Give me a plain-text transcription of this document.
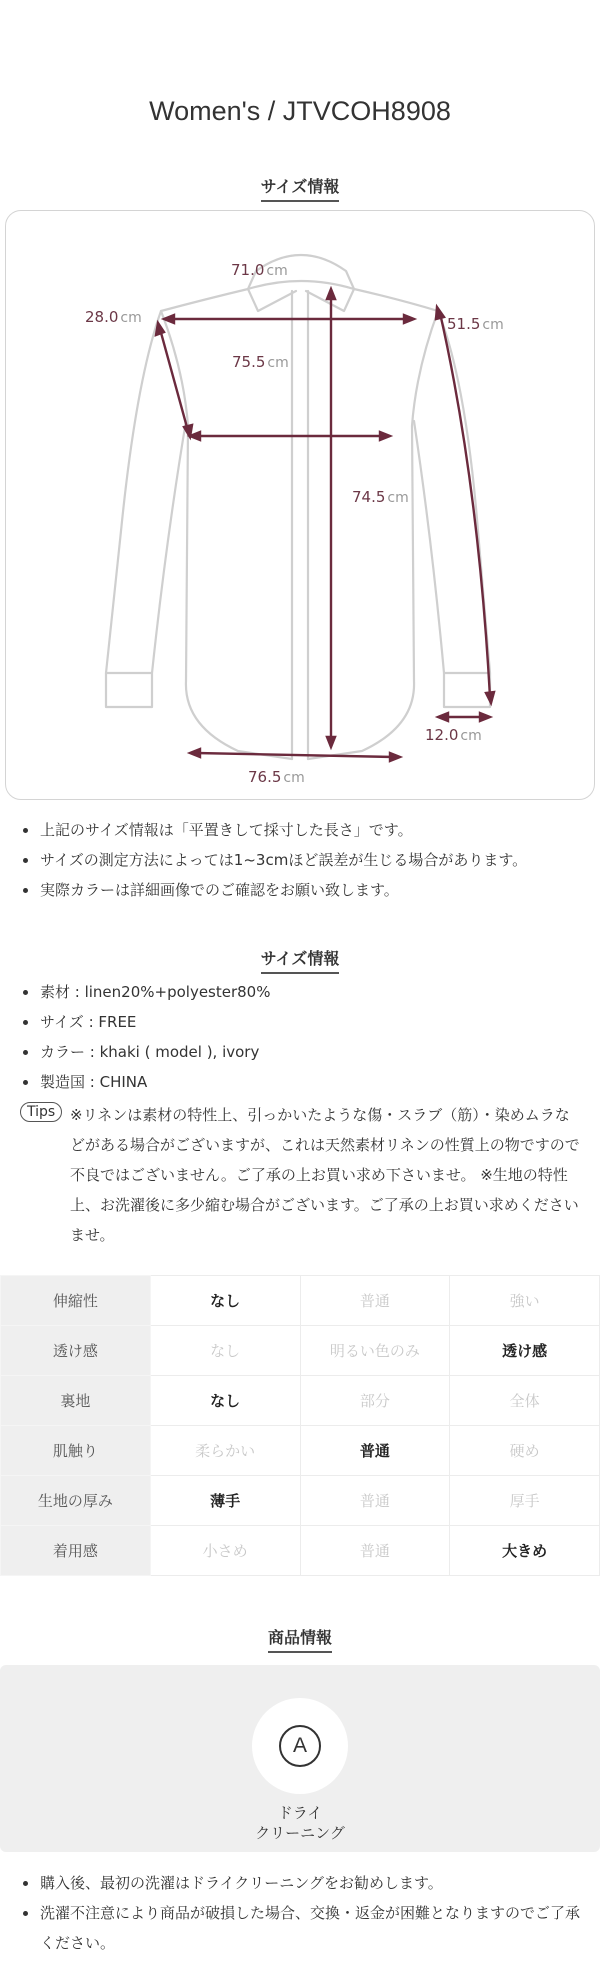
Women's / JTVCOH8908
サイズ情報
71.0 cm
28.0 cm
75.5 cm
51.5 cm
74.5 cm
12.0 cm
76.5 cm
上記のサイズ情報は「平置きして採寸した長さ」です。
サイズの測定方法によっては1~3cmほど誤差が生じる場合があります。
実際カラーは詳細画像でのご確認をお願い致します。
サイズ情報
素材 : linen20%+polyester80%
サイズ : FREE
カラー : khaki ( model ), ivory
製造国 : CHINA
Tips ※リネンは素材の特性上、引っかいたような傷・スラブ（筋）・染めムラなどがある場合がございますが、これは天然素材リネンの性質上の物ですので不良ではございません。ご了承の上お買い求め下さいませ。 ※生地の特性上、お洗濯後に多少縮む場合がございます。ご了承の上お買い求めくださいませ。
伸縮性	なし	普通	強い
透け感	なし	明るい色のみ	透け感
裏地	なし	部分	全体
肌触り	柔らかい	普通	硬め
生地の厚み	薄手	普通	厚手
着用感	小さめ	普通	大きめ
商品情報
A
ドライ
クリーニング
購入後、最初の洗濯はドライクリーニングをお勧めします。
洗濯不注意により商品が破損した場合、交換・返金が困難となりますのでご了承ください。
